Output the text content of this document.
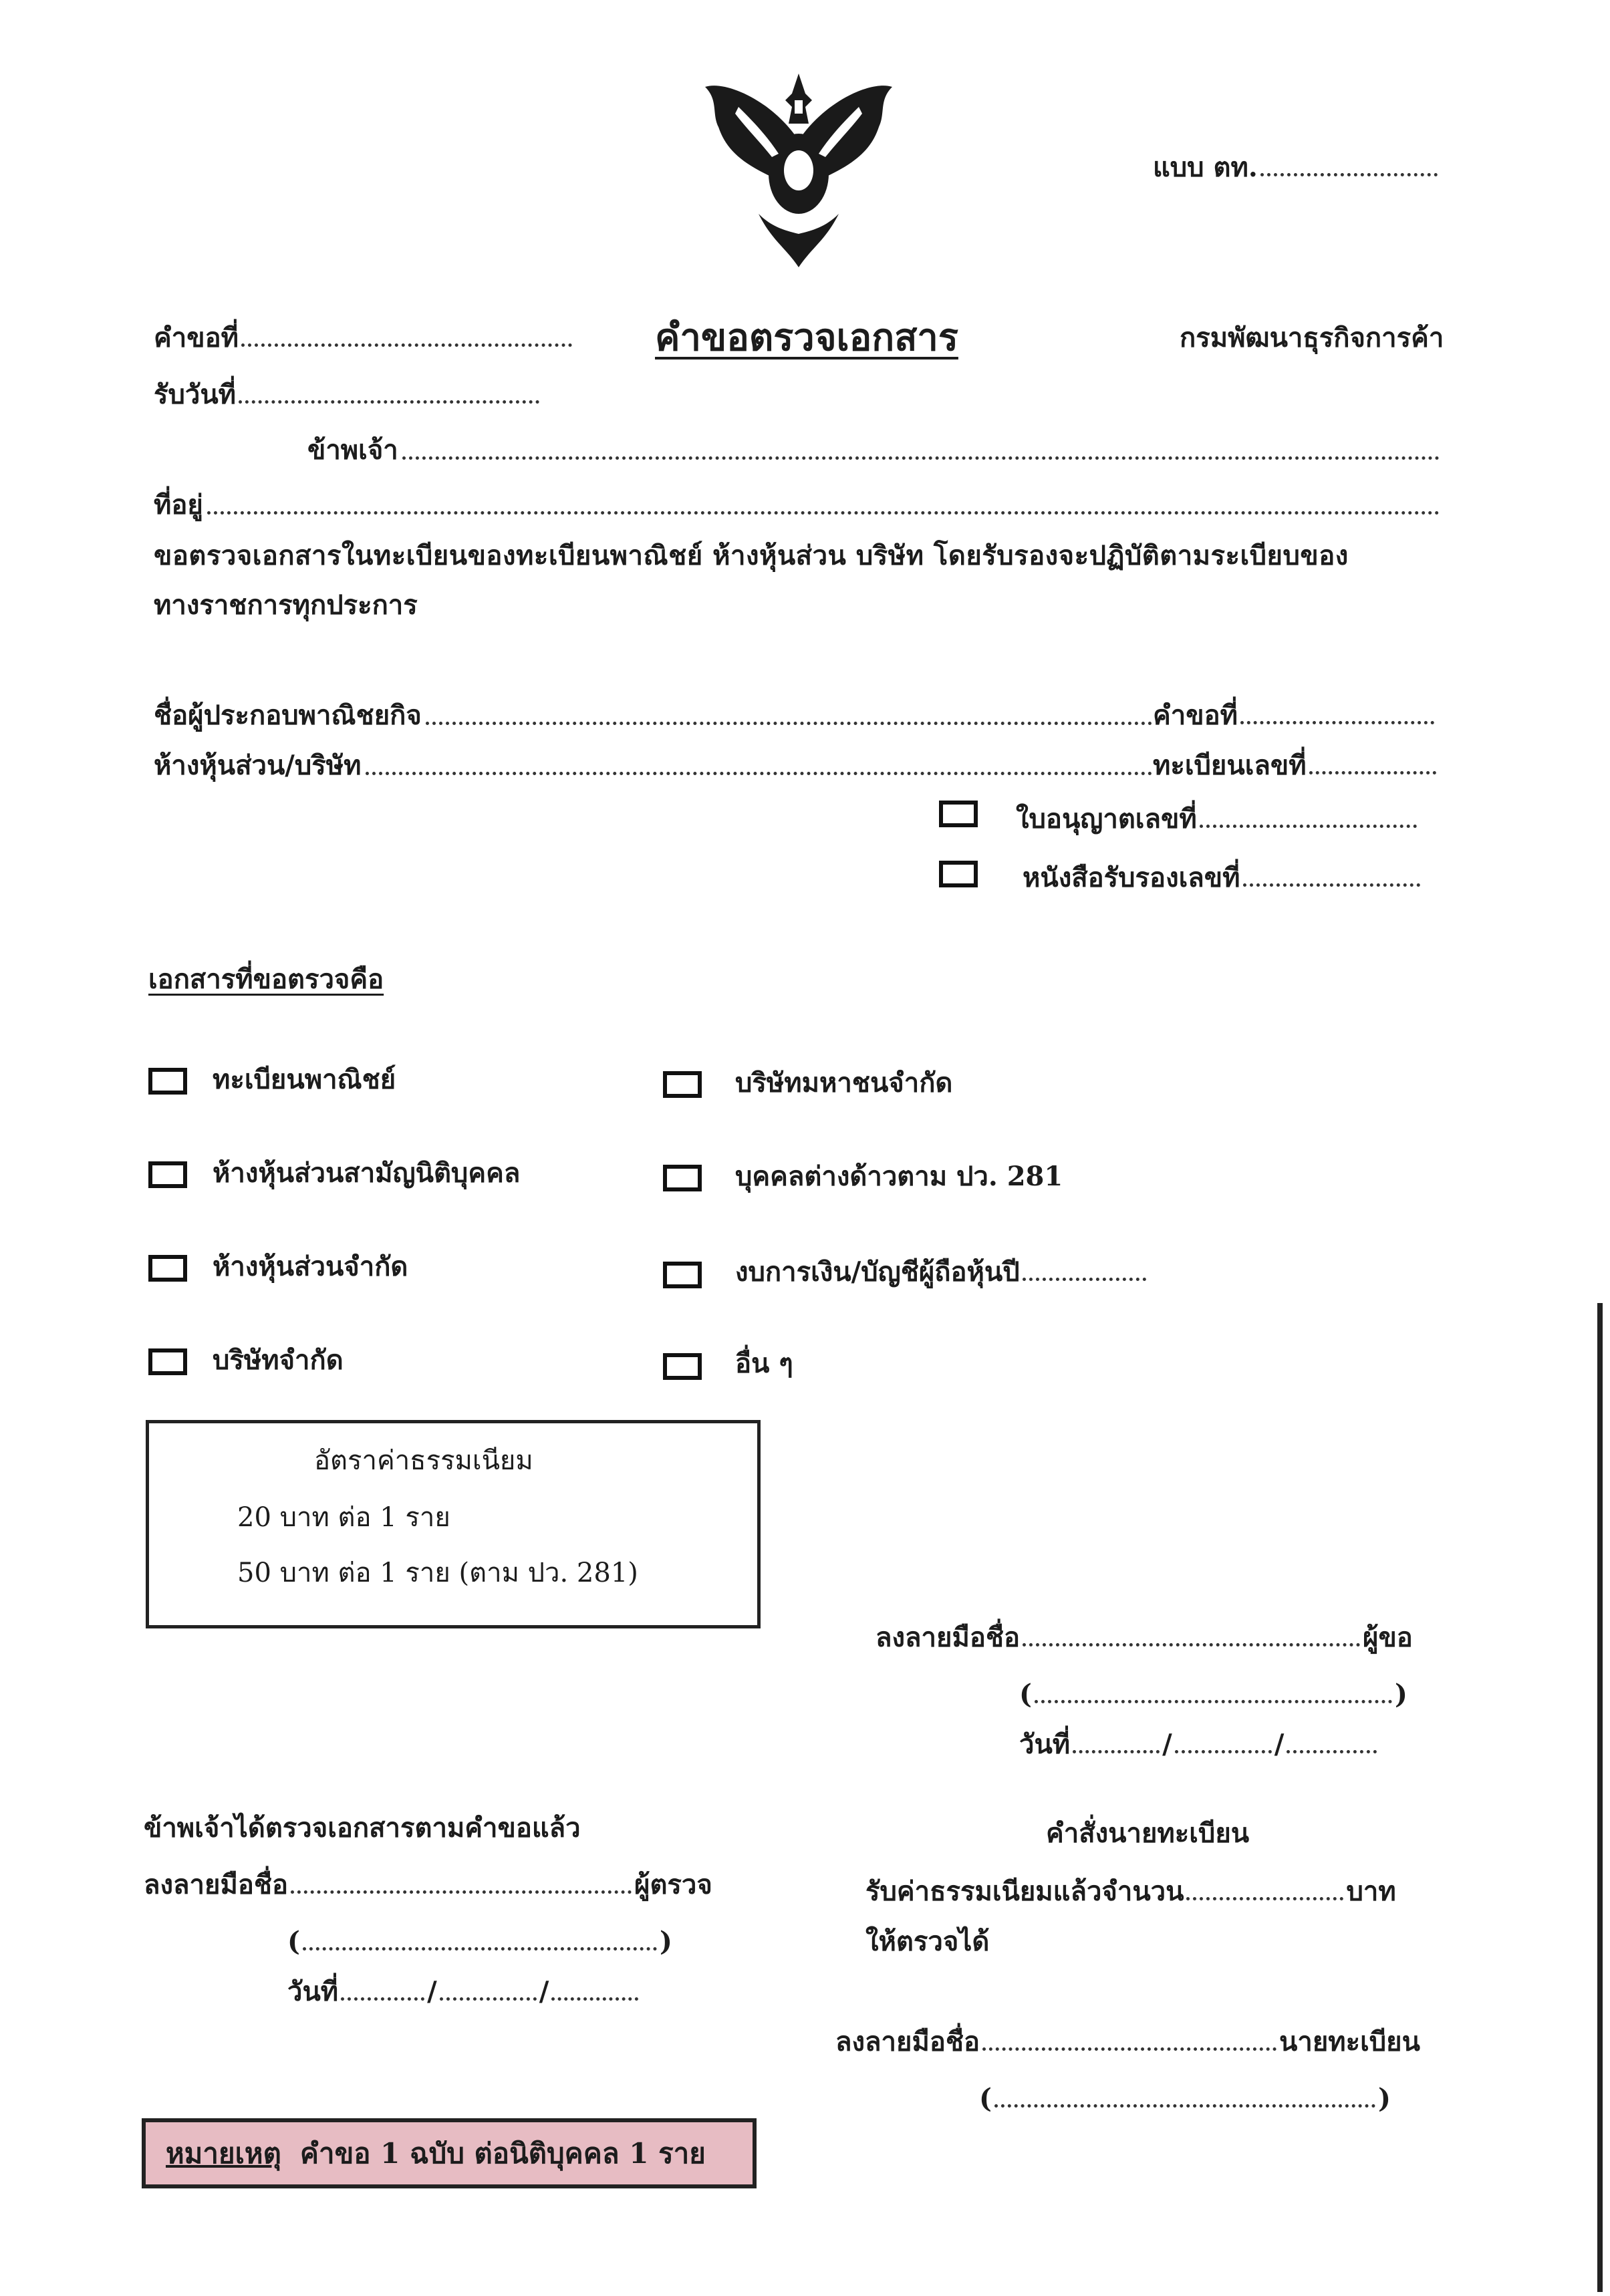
แบบ ตท.
คำขอที่	คำขอตรวจเอกสาร	กรมพัฒนาธุรกิจการค้า
รับวันที่
ข้าพเจ้า
ที่อยู่
ขอตรวจเอกสารในทะเบียนของทะเบียนพาณิชย์ ห้างหุ้นส่วน บริษัท โดยรับรองจะปฏิบัติตามระเบียบของ
ทางราชการทุกประการ
ชื่อผู้ประกอบพาณิชยกิจ	คำขอที่
ห้างหุ้นส่วน/บริษัท	ทะเบียนเลขที่
ใบอนุญาตเลขที่
หนังสือรับรองเลขที่
เอกสารที่ขอตรวจคือ
ทะเบียนพาณิชย์
ห้างหุ้นส่วนสามัญนิติบุคคล
ห้างหุ้นส่วนจำกัด
บริษัทจำกัด
บริษัทมหาชนจำกัด
บุคคลต่างด้าวตาม ปว. 281
งบการเงิน/บัญชีผู้ถือหุ้นปี
อื่น ๆ
อัตราค่าธรรมเนียม
20 บาท ต่อ 1 ราย
50 บาท ต่อ 1 ราย (ตาม ปว. 281)
ลงลายมือชื่อ	ผู้ขอ
(	)
วันที่	/	/
ข้าพเจ้าได้ตรวจเอกสารตามคำขอแล้ว
ลงลายมือชื่อ	ผู้ตรวจ
(	)
วันที่	/	/
คำสั่งนายทะเบียน
รับค่าธรรมเนียมแล้วจำนวน	บาท
ให้ตรวจได้
ลงลายมือชื่อ	นายทะเบียน
(	)
หมายเหตุ คำขอ 1 ฉบับ ต่อนิติบุคคล 1 ราย
